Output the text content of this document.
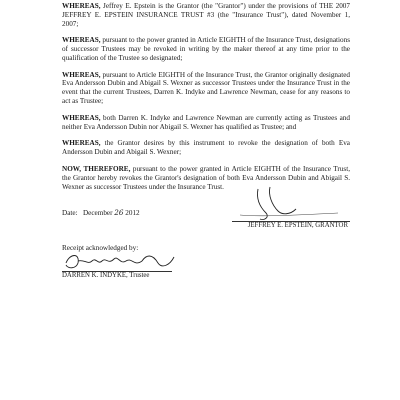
WHEREAS, Jeffrey E. Epstein is the Grantor (the "Grantor") under the provisions of THE 2007 JEFFREY E. EPSTEIN INSURANCE TRUST #3 (the "Insurance Trust"), dated November 1, 2007;

WHEREAS, pursuant to the power granted in Article EIGHTH of the Insurance Trust, designations of successor Trustees may be revoked in writing by the maker thereof at any time prior to the qualification of the Trustee so designated;

WHEREAS, pursuant to Article EIGHTH of the Insurance Trust, the Grantor originally designated Eva Andersson Dubin and Abigail S. Wexner as successor Trustees under the Insurance Trust in the event that the current Trustees, Darren K. Indyke and Lawrence Newman, cease for any reasons to act as Trustee;

WHEREAS, both Darren K. Indyke and Lawrence Newman are currently acting as Trustees and neither Eva Andersson Dubin nor Abigail S. Wexner has qualified as Trustee; and

WHEREAS, the Grantor desires by this instrument to revoke the designation of both Eva Andersson Dubin and Abigail S. Wexner;

NOW, THEREFORE, pursuant to the power granted in Article EIGHTH of the Insurance Trust, the Grantor hereby revokes the Grantor's designation of both Eva Andersson Dubin and Abigail S. Wexner as successor Trustees under the Insurance Trust.

Date: December 26 2012
JEFFREY E. EPSTEIN, GRANTOR

Receipt acknowledged by:

DARREN K. INDYKE, Trustee
